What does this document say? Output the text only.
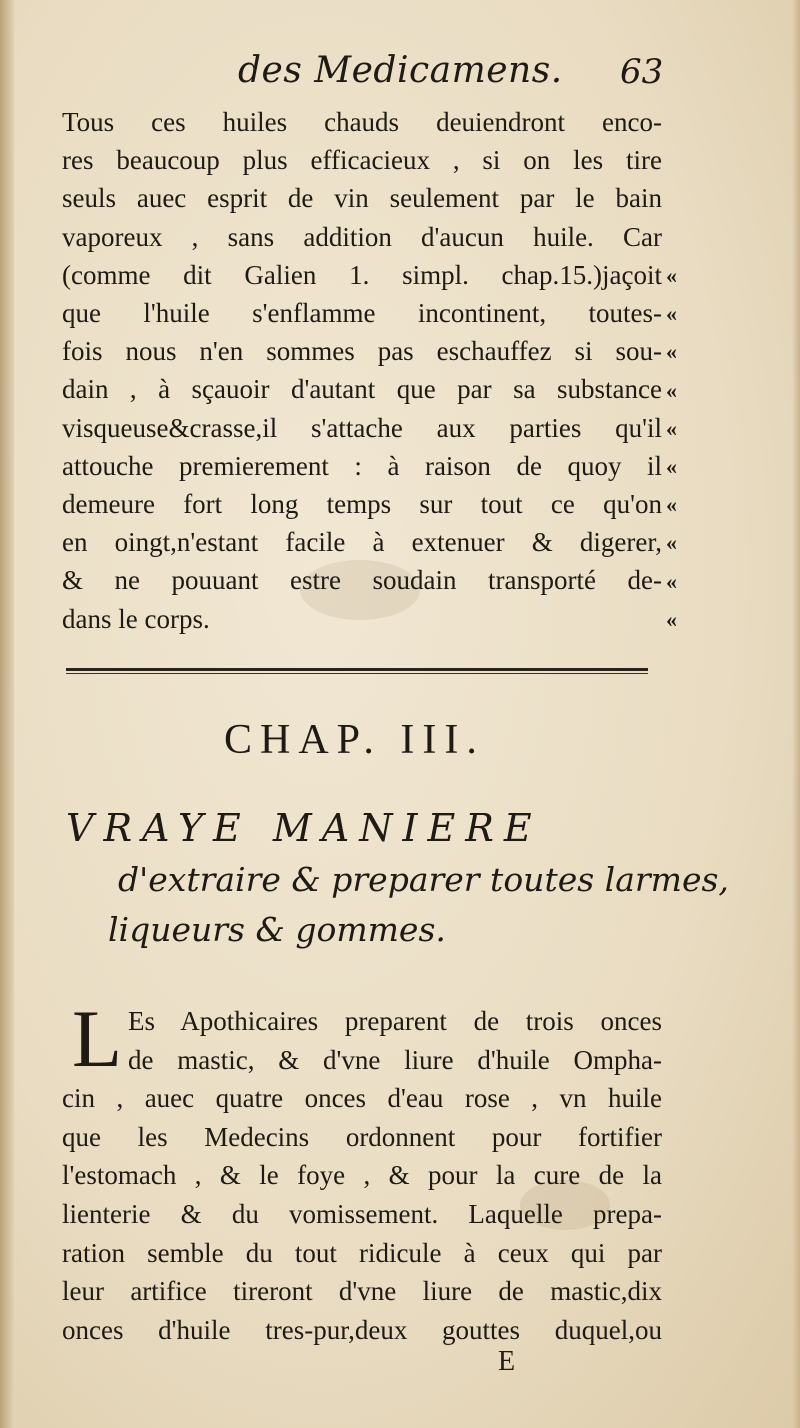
des Medicamens. 63
Tous ces huiles chauds deuiendront enco-
res beaucoup plus efficacieux , si on les tire
seuls auec esprit de vin seulement par le bain
vaporeux , sans addition d'aucun huile. Car
(comme dit Galien 1. simpl. chap.15.)jaçoit
que l'huile s'enflamme incontinent, toutes-
fois nous n'en sommes pas eschauffez si sou-
dain , à sçauoir d'autant que par sa substance
visqueuse&crasse,il s'attache aux parties qu'il
attouche premierement : à raison de quoy il
demeure fort long temps sur tout ce qu'on
en oingt,n'estant facile à extenuer & digerer,
& ne pouuant estre soudain transporté de-
dans le corps.
«
«
«
«
«
«
«
«
«
«
CHAP. III.
VRAYE MANIERE
d'extraire & preparer toutes larmes,
liqueurs & gommes.
L Es Apothicaires preparent de trois onces
de mastic, & d'vne liure d'huile Ompha-
cin , auec quatre onces d'eau rose , vn huile
que les Medecins ordonnent pour fortifier
l'estomach , & le foye , & pour la cure de la
lienterie & du vomissement. Laquelle prepa-
ration semble du tout ridicule à ceux qui par
leur artifice tireront d'vne liure de mastic,dix
onces d'huile tres-pur,deux gouttes duquel,ou
E
